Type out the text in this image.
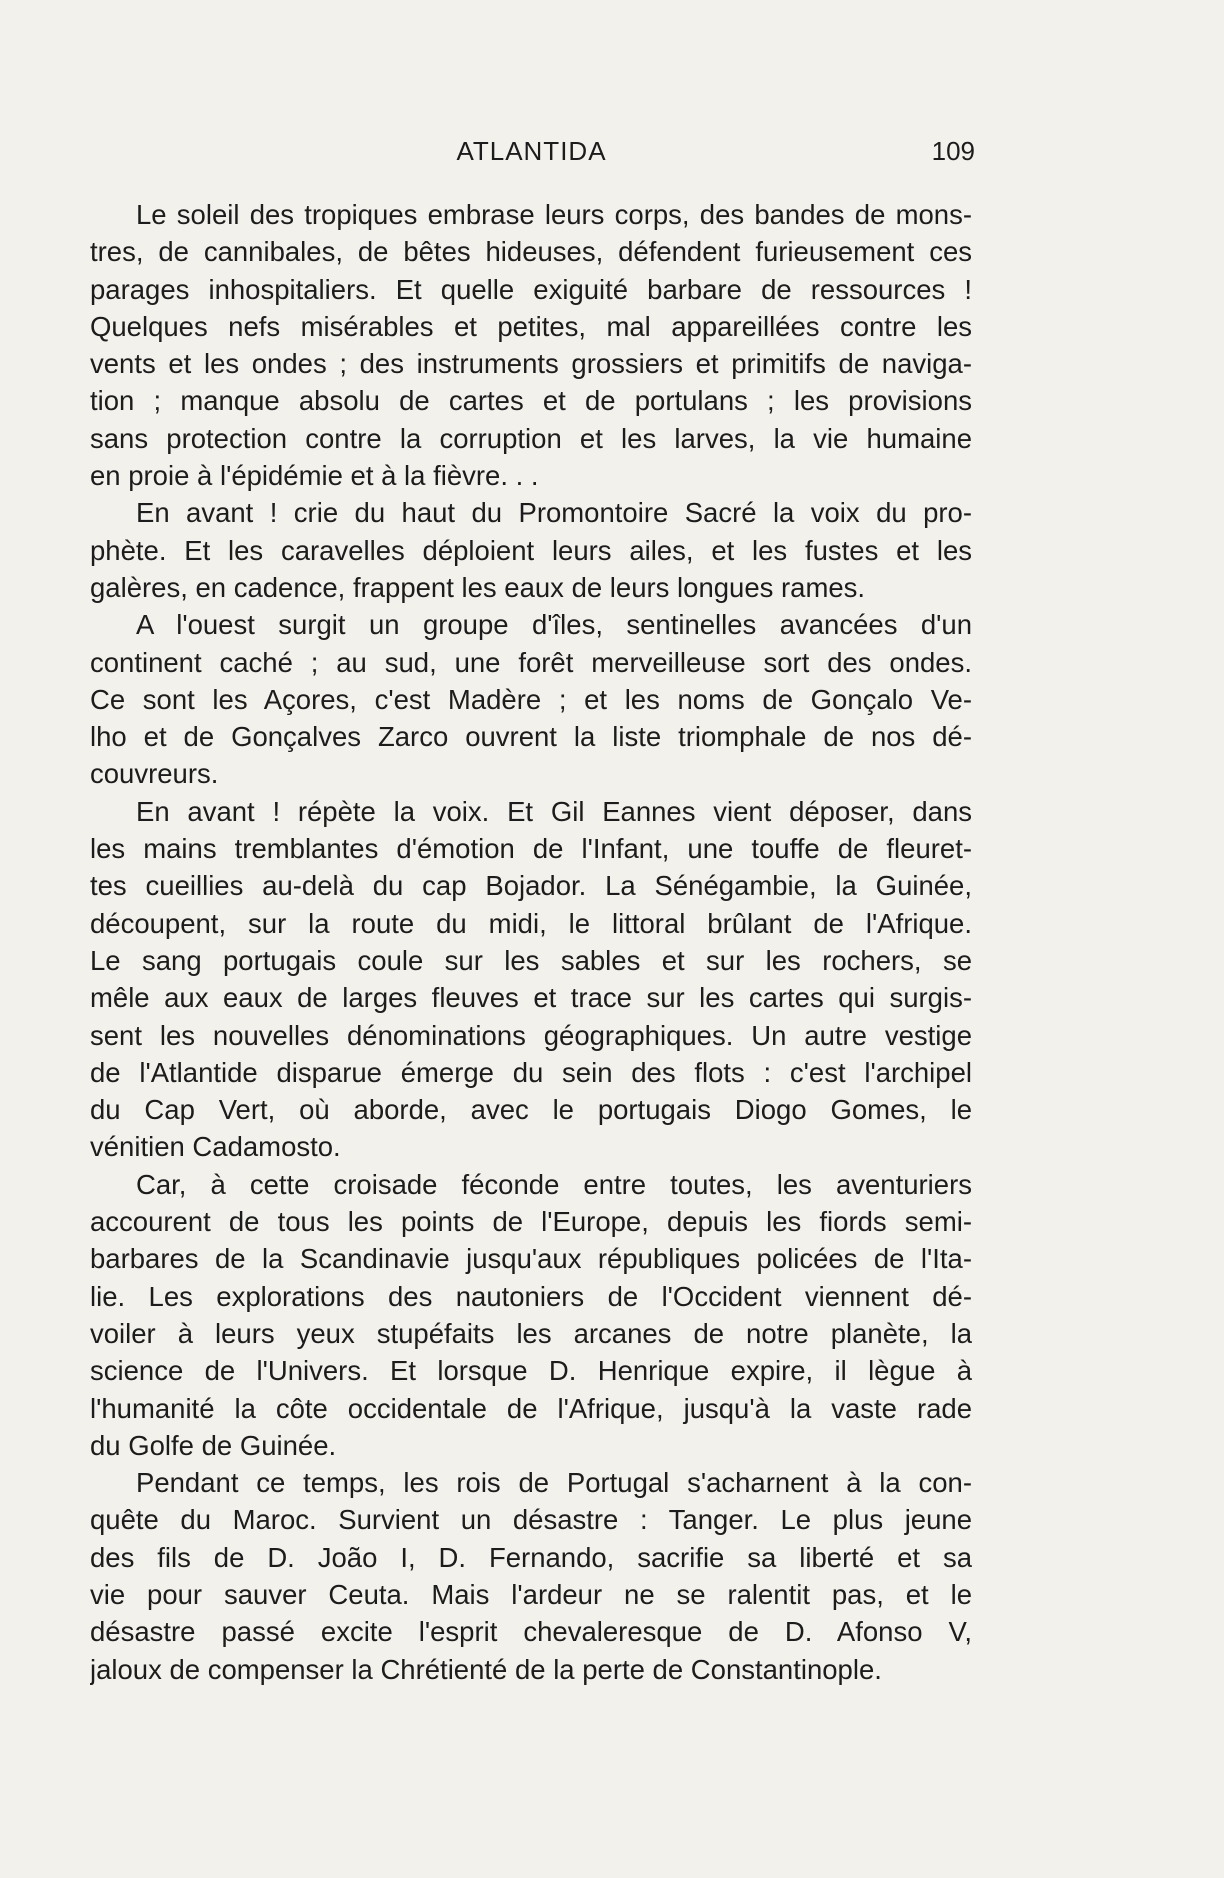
ATLANTIDA	109
Le soleil des tropiques embrase leurs corps, des bandes de mons-
tres, de cannibales, de bêtes hideuses, défendent furieusement ces
parages inhospitaliers. Et quelle exiguité barbare de ressources !
Quelques nefs misérables et petites, mal appareillées contre les
vents et les ondes ; des instruments grossiers et primitifs de naviga-
tion ; manque absolu de cartes et de portulans ; les provisions
sans protection contre la corruption et les larves, la vie humaine
en proie à l'épidémie et à la fièvre. . .
En avant ! crie du haut du Promontoire Sacré la voix du pro-
phète. Et les caravelles déploient leurs ailes, et les fustes et les
galères, en cadence, frappent les eaux de leurs longues rames.
A l'ouest surgit un groupe d'îles, sentinelles avancées d'un
continent caché ; au sud, une forêt merveilleuse sort des ondes.
Ce sont les Açores, c'est Madère ; et les noms de Gonçalo Ve-
lho et de Gonçalves Zarco ouvrent la liste triomphale de nos dé-
couvreurs.
En avant ! répète la voix. Et Gil Eannes vient déposer, dans
les mains tremblantes d'émotion de l'Infant, une touffe de fleuret-
tes cueillies au-delà du cap Bojador. La Sénégambie, la Guinée,
découpent, sur la route du midi, le littoral brûlant de l'Afrique.
Le sang portugais coule sur les sables et sur les rochers, se
mêle aux eaux de larges fleuves et trace sur les cartes qui surgis-
sent les nouvelles dénominations géographiques. Un autre vestige
de l'Atlantide disparue émerge du sein des flots : c'est l'archipel
du Cap Vert, où aborde, avec le portugais Diogo Gomes, le
vénitien Cadamosto.
Car, à cette croisade féconde entre toutes, les aventuriers
accourent de tous les points de l'Europe, depuis les fiords semi-
barbares de la Scandinavie jusqu'aux républiques policées de l'Ita-
lie. Les explorations des nautoniers de l'Occident viennent dé-
voiler à leurs yeux stupéfaits les arcanes de notre planète, la
science de l'Univers. Et lorsque D. Henrique expire, il lègue à
l'humanité la côte occidentale de l'Afrique, jusqu'à la vaste rade
du Golfe de Guinée.
Pendant ce temps, les rois de Portugal s'acharnent à la con-
quête du Maroc. Survient un désastre : Tanger. Le plus jeune
des fils de D. João I, D. Fernando, sacrifie sa liberté et sa
vie pour sauver Ceuta. Mais l'ardeur ne se ralentit pas, et le
désastre passé excite l'esprit chevaleresque de D. Afonso V,
jaloux de compenser la Chrétienté de la perte de Constantinople.
